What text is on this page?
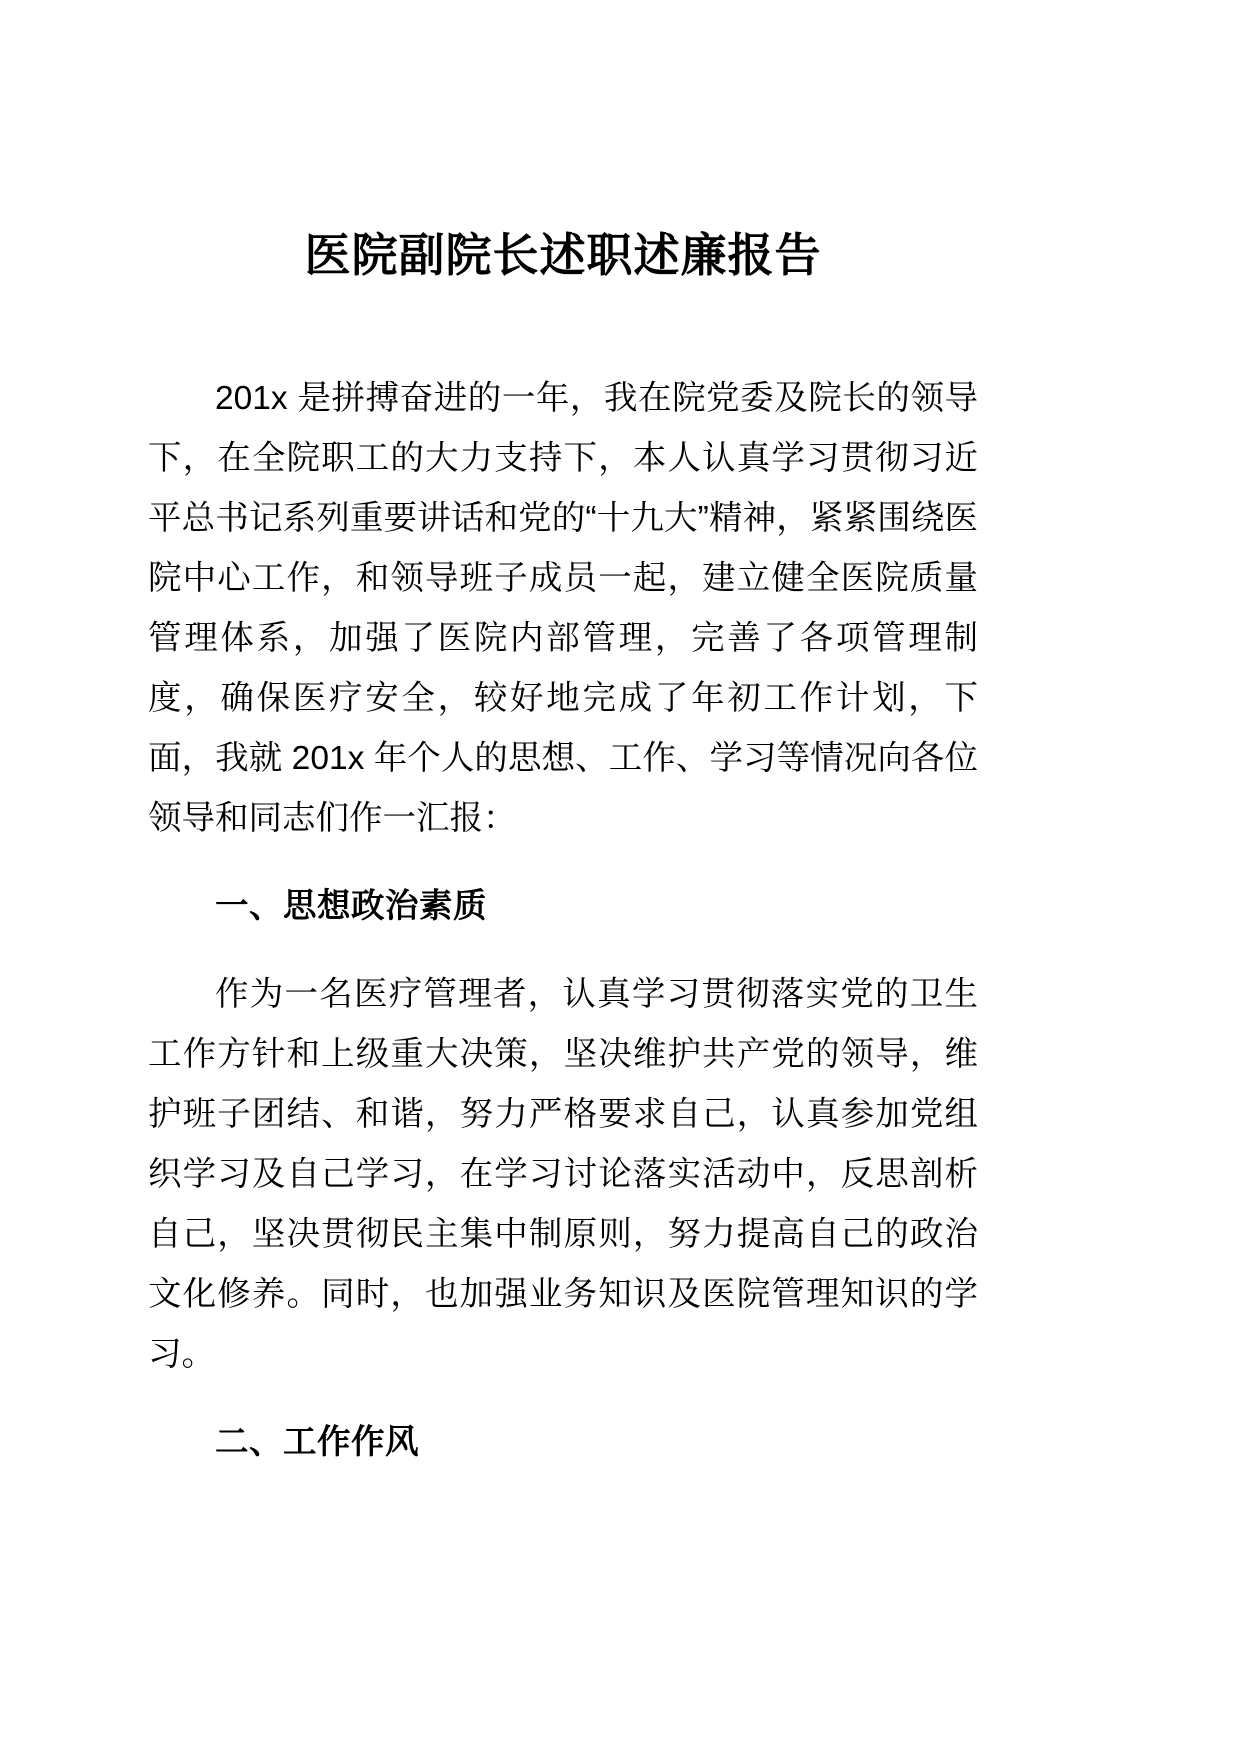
医院副院长述职述廉报告

201x 是拼搏奋进的一年，我在院党委及院长的领导下，在全院职工的大力支持下，本人认真学习贯彻习近平总书记系列重要讲话和党的“十九大”精神，紧紧围绕医院中心工作，和领导班子成员一起，建立健全医院质量管理体系，加强了医院内部管理，完善了各项管理制度，确保医疗安全，较好地完成了年初工作计划，下面，我就 201x 年个人的思想、工作、学习等情况向各位领导和同志们作一汇报：

一、思想政治素质

作为一名医疗管理者，认真学习贯彻落实党的卫生工作方针和上级重大决策，坚决维护共产党的领导，维护班子团结、和谐，努力严格要求自己，认真参加党组织学习及自己学习，在学习讨论落实活动中，反思剖析自己，坚决贯彻民主集中制原则，努力提高自己的政治文化修养。同时，也加强业务知识及医院管理知识的学习。

二、工作作风
